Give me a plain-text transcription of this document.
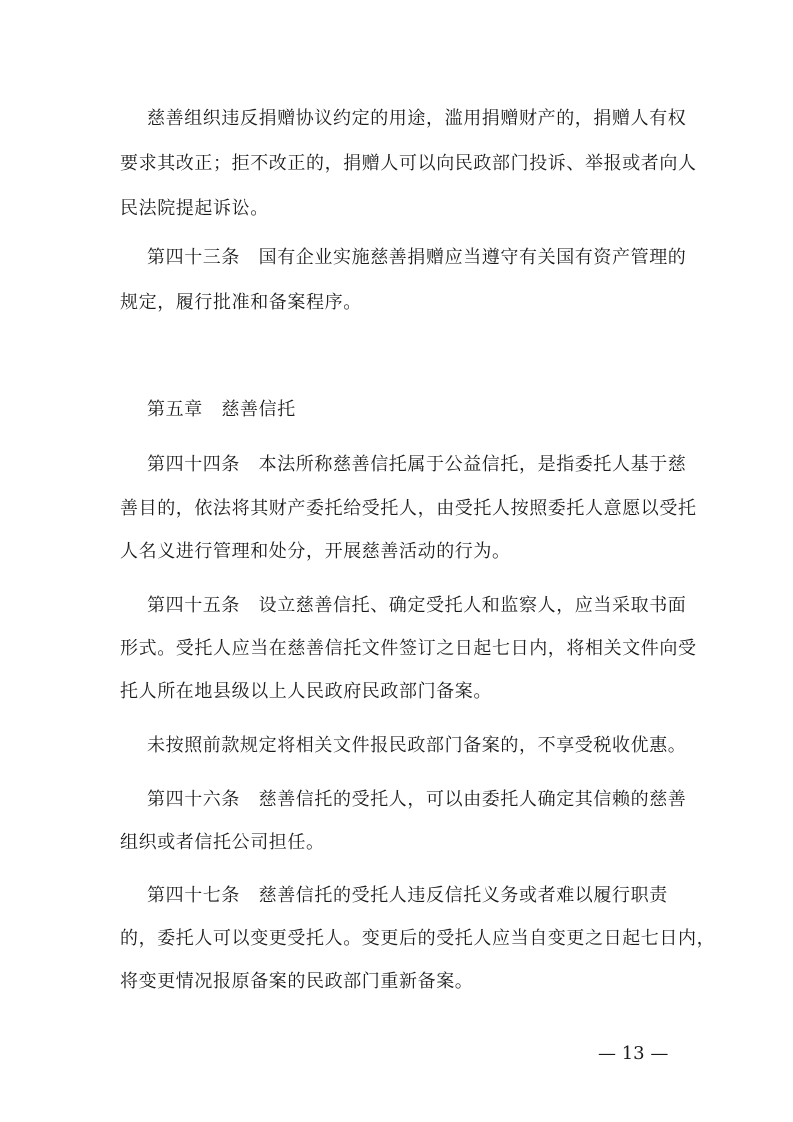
慈善组织违反捐赠协议约定的用途，滥用捐赠财产的，捐赠人有权
要求其改正；拒不改正的，捐赠人可以向民政部门投诉、举报或者向人
民法院提起诉讼。
第四十三条　国有企业实施慈善捐赠应当遵守有关国有资产管理的
规定，履行批准和备案程序。
第五章　慈善信托
第四十四条　本法所称慈善信托属于公益信托，是指委托人基于慈
善目的，依法将其财产委托给受托人，由受托人按照委托人意愿以受托
人名义进行管理和处分，开展慈善活动的行为。
第四十五条　设立慈善信托、确定受托人和监察人，应当采取书面
形式。受托人应当在慈善信托文件签订之日起七日内，将相关文件向受
托人所在地县级以上人民政府民政部门备案。
未按照前款规定将相关文件报民政部门备案的，不享受税收优惠。
第四十六条　慈善信托的受托人，可以由委托人确定其信赖的慈善
组织或者信托公司担任。
第四十七条　慈善信托的受托人违反信托义务或者难以履行职责
的，委托人可以变更受托人。变更后的受托人应当自变更之日起七日内，
将变更情况报原备案的民政部门重新备案。
— 13 —
